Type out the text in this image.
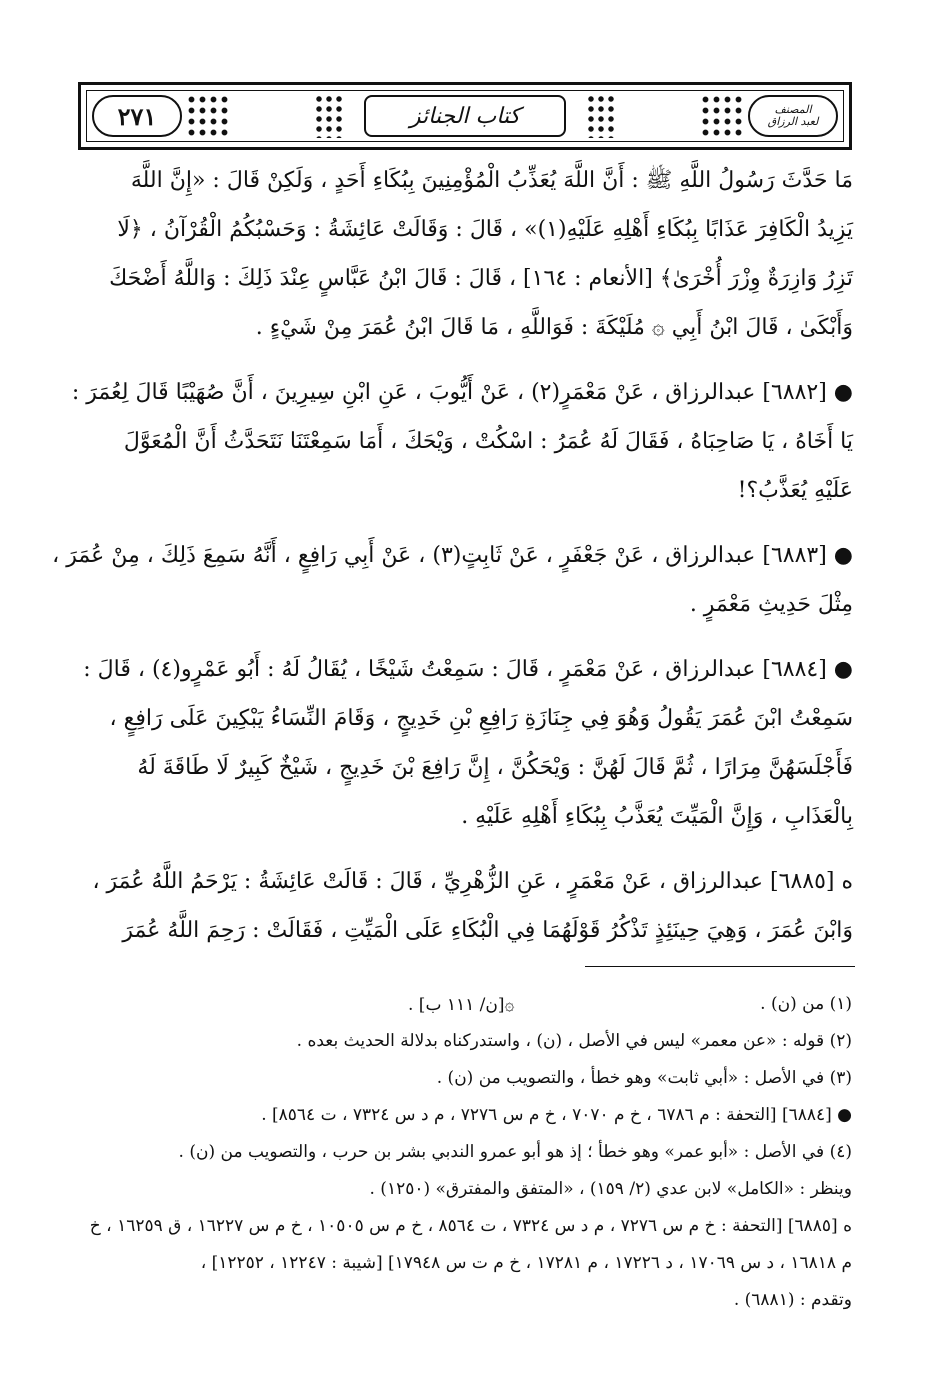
٢٧١	كتاب الجنائز	المصنف
لعبد الرزاق
مَا حَدَّثَ رَسُولُ اللَّهِ ﷺ : أَنَّ اللَّهَ يُعَذِّبُ الْمُؤْمِنِينَ بِبُكَاءِ أَحَدٍ ، وَلَكِنْ قَالَ : «إِنَّ اللَّهَ
يَزِيدُ الْكَافِرَ عَذَابًا بِبُكَاءِ أَهْلِهِ عَلَيْهِ(١)» ، قَالَ : وَقَالَتْ عَائِشَةُ : وَحَسْبُكُمُ الْقُرْآنُ ، ﴿لَا
تَزِرُ وَازِرَةٌ وِزْرَ أُخْرَىٰ﴾ [الأنعام : ١٦٤] ، قَالَ : قَالَ ابْنُ عَبَّاسٍ عِنْدَ ذَلِكَ : وَاللَّهُ أَضْحَكَ
وَأَبْكَىٰ ، قَالَ ابْنُ أَبِي ۞ مُلَيْكَةَ : فَوَاللَّهِ ، مَا قَالَ ابْنُ عُمَرَ مِنْ شَيْءٍ .
● [٦٨٨٢] عبدالرزاق ، عَنْ مَعْمَرٍ(٢) ، عَنْ أَيُّوبَ ، عَنِ ابْنِ سِيرِينَ ، أَنَّ صُهَيْبًا قَالَ لِعُمَرَ :
يَا أَخَاهُ ، يَا صَاحِبَاهُ ، فَقَالَ لَهُ عُمَرُ : اسْكُتْ ، وَيْحَكَ ، أَمَا سَمِعْتَنَا نَتَحَدَّثُ أَنَّ الْمُعَوَّلَ
عَلَيْهِ يُعَذَّبُ؟!
● [٦٨٨٣] عبدالرزاق ، عَنْ جَعْفَرٍ ، عَنْ ثَابِتٍ(٣) ، عَنْ أَبِي رَافِعٍ ، أَنَّهُ سَمِعَ ذَلِكَ ، مِنْ عُمَرَ ،
مِثْلَ حَدِيثِ مَعْمَرٍ .
● [٦٨٨٤] عبدالرزاق ، عَنْ مَعْمَرٍ ، قَالَ : سَمِعْتُ شَيْخًا ، يُقَالُ لَهُ : أَبُو عَمْرٍو(٤) ، قَالَ :
سَمِعْتُ ابْنَ عُمَرَ يَقُولُ وَهُوَ فِي جِنَازَةِ رَافِعِ بْنِ خَدِيجٍ ، وَقَامَ النِّسَاءُ يَبْكِينَ عَلَى رَافِعٍ ،
فَأَجْلَسَهُنَّ مِرَارًا ، ثُمَّ قَالَ لَهُنَّ : وَيْحَكُنَّ ، إِنَّ رَافِعَ بْنَ خَدِيجٍ ، شَيْخٌ كَبِيرٌ لَا طَاقَةَ لَهُ
بِالْعَذَابِ ، وَإِنَّ الْمَيِّتَ يُعَذَّبُ بِبُكَاءِ أَهْلِهِ عَلَيْهِ .
ه [٦٨٨٥] عبدالرزاق ، عَنْ مَعْمَرٍ ، عَنِ الزُّهْرِيِّ ، قَالَ : قَالَتْ عَائِشَةُ : يَرْحَمُ اللَّهُ عُمَرَ ،
وَابْنَ عُمَرَ ، وَهِيَ حِينَئِذٍ تَذْكُرُ قَوْلَهُمَا فِي الْبُكَاءِ عَلَى الْمَيِّتِ ، فَقَالَتْ : رَحِمَ اللَّهُ عُمَرَ
(١) من (ن) .
۞[ن/ ١١١ ب] .
(٢) قوله : «عن معمر» ليس في الأصل ، (ن) ، واستدركناه بدلالة الحديث بعده .
(٣) في الأصل : «أبي ثابت» وهو خطأ ، والتصويب من (ن) .
● [٦٨٨٤] [التحفة : م ٦٧٨٦ ، خ م ٧٠٧٠ ، خ م س ٧٢٧٦ ، م د س ٧٣٢٤ ، ت ٨٥٦٤] .
(٤) في الأصل : «أبو عمر» وهو خطأ ؛ إذ هو أبو عمرو الندبي بشر بن حرب ، والتصويب من (ن) .
وينظر : «الكامل» لابن عدي (٢/ ١٥٩) ، «المتفق والمفترق» (١٢٥٠) .
ه [٦٨٨٥] [التحفة : خ م س ٧٢٧٦ ، م د س ٧٣٢٤ ، ت ٨٥٦٤ ، خ م س ١٠٥٠٥ ، خ م س ١٦٢٢٧ ، ق ١٦٢٥٩ ، خ
م ١٦٨١٨ ، د س ١٧٠٦٩ ، د ١٧٢٢٦ ، م ١٧٢٨١ ، خ م ت س ١٧٩٤٨] [شيبة : ١٢٢٤٧ ، ١٢٢٥٢] ،
وتقدم : (٦٨٨١) .
